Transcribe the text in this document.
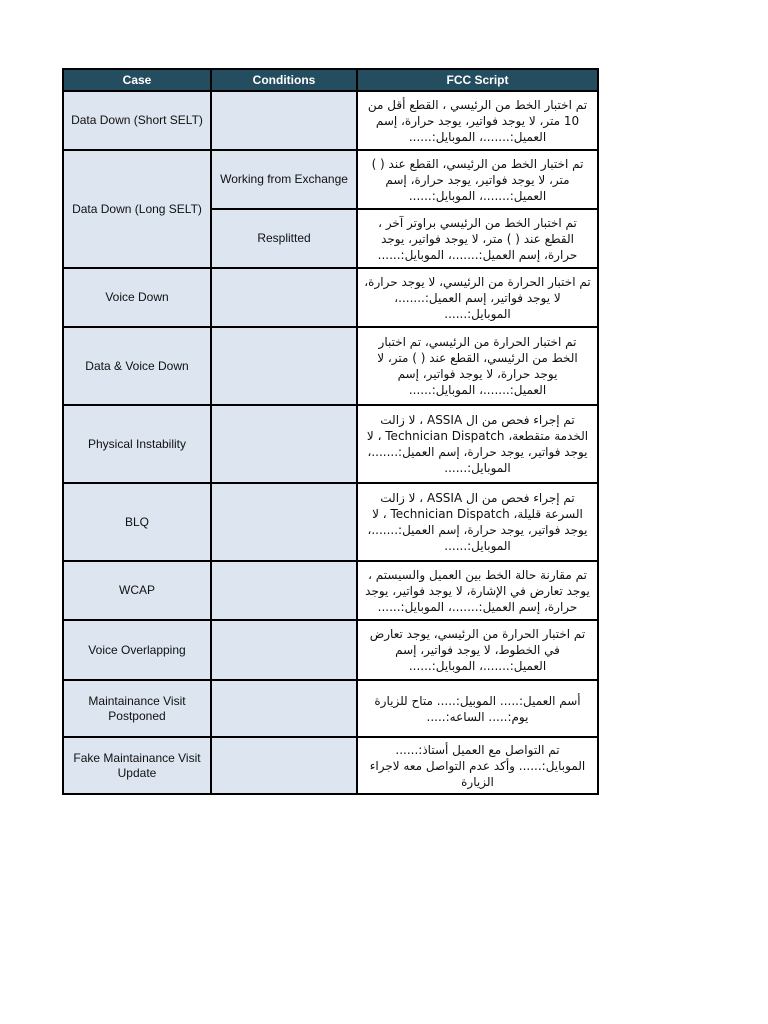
Case	Conditions	FCC Script
Data Down (Short SELT)		تم اختبار الخط من الرئيسي ، القطع أقل من 10 متر، لا يوجد فواتير، يوجد حرارة، إسم العميل:.......، الموبايل:......
Data Down (Long SELT)	Working from Exchange	تم اختبار الخط من الرئيسي، القطع عند ( ) متر، لا يوجد فواتير، يوجد حرارة، إسم العميل:.......، الموبايل:......
	Resplitted	تم اختبار الخط من الرئيسي براوتر آخر ، القطع عند ( ) متر، لا يوجد فواتير، يوجد حرارة، إسم العميل:.......، الموبايل:......
Voice Down		تم اختبار الحرارة من الرئيسي، لا يوجد حرارة، لا يوجد فواتير، إسم العميل:.......، الموبايل:......
Data & Voice Down		تم اختبار الحرارة من الرئيسي، تم اختبار الخط من الرئيسي، القطع عند ( ) متر، لا يوجد حرارة، لا يوجد فواتير، إسم العميل:.......، الموبايل:......
Physical Instability		تم إجراء فحص من ال ASSIA ، لا زالت الخدمة متقطعة، Technician Dispatch ، لا يوجد فواتير، يوجد حرارة، إسم العميل:.......، الموبايل:......
BLQ		تم إجراء فحص من ال ASSIA ، لا زالت السرعة قليلة، Technician Dispatch ، لا يوجد فواتير، يوجد حرارة، إسم العميل:.......، الموبايل:......
WCAP		تم مقارنة حالة الخط بين العميل والسيستم ، يوجد تعارض في الإشارة، لا يوجد فواتير، يوجد حرارة، إسم العميل:.......، الموبايل:......
Voice Overlapping		تم اختبار الحرارة من الرئيسي، يوجد تعارض في الخطوط، لا يوجد فواتير، إسم العميل:.......، الموبايل:......
Maintainance Visit Postponed		أسم العميل:..... الموبيل:..... متاح للزيارة يوم:..... الساعه:.....
Fake Maintainance Visit Update		تم التواصل مع العميل أستاذ:...... الموبايل:...... وأكد عدم التواصل معه لاجراء الزيارة
